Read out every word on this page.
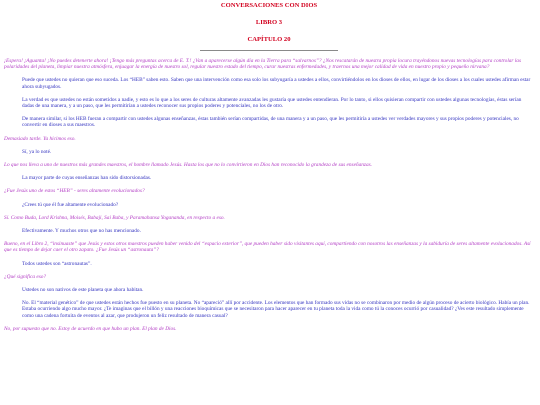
CONVERSACIONES CON DIOS
LIBRO 3
CAPÍTULO 20

¡Espera! ¡Aguanta! ¡No puedes detenerte ahora! ¡Tengo más preguntas acerca de E. T.! ¿Van a aparecerse algún día en la Tierra para “salvarnos”? ¿Nos rescatarán de nuestra propia locura trayéndonos nuevas tecnologías para controlar las polaridades del planeta, limpiar nuestra atmósfera, enjuagar la energía de nuestro sol, regular nuestro estado del tiempo, curar nuestras enfermedades, y traernos una mejor calidad de vida en nuestro propio y pequeño nirvana?

Puede que ustedes no quieran que eso suceda. Los “HEB” saben esto. Saben que una intervención como esa solo los subyugaría a ustedes a ellos, convirtiéndolos en los dioses de ellos, en lugar de los dioses a los cuales ustedes afirman estar ahora subyugados.

La verdad es que ustedes no están sometidos a nadie, y esto es lo que a los seres de culturas altamente avanzadas les gustaría que ustedes entendieran. Por lo tanto, si ellos quisieran compartir con ustedes algunas tecnologías, éstas serían dadas de una manera, y a un paso, que les permitirían a ustedes reconocer sus propios poderes y potenciales, no los de otro.

De manera similar, si los HEB fueran a compartir con ustedes algunas enseñanzas, éstas también serían compartidas, de una manera y a un paso, que les permitiría a ustedes ver verdades mayores y sus propios poderes y potenciales, no convertir en dioses a sus maestros.

Demasiado tarde. Ya hicimos eso.

Sí, ya lo noté.

Lo que nos lleva a uno de nuestros más grandes maestros, el hombre llamado Jesús. Hasta los que no lo convirtieron en Dios han reconocido la grandeza de sus enseñanzas.

La mayor parte de cuyas enseñanzas han sido distorsionadas.

¿Fue Jesús uno de estos “HEB” - seres altamente evolucionados?

¿Crees tú que él fue altamente evolucionado?

Sí. Como Buda, Lord Krishna, Moisés, Babaji, Sai Baba, y Paramahansa Yogananda, en respecto a eso.

Efectivamente. Y muchos otros que no has mencionado.

Bueno, en el Libro 2, “insinuaste” que Jesús y estos otros maestros pueden haber venido del “espacio exterior”, que pueden haber sido visitantes aquí, compartiendo con nosotros las enseñanzas y la sabiduría de seres altamente evolucionados. Así que es tiempo de dejar caer el otro zapato. ¿Fue Jesús un “astronauta”?

Todos ustedes son “astronautas”.

¿Qué significa eso?

Ustedes no son nativos de este planeta que ahora habitan.

No. El “material genético” de que ustedes están hechos fue puesto en su planeta. No “apareció” allí por accidente. Los elementos que han formado sus vidas no se combinaron por medio de algún proceso de acierto biológico. Había un plan. Estaba ocurriendo algo mucho mayor. ¿Te imaginas que el billón y una reacciones bioquímicas que se necesitaron para hacer aparecer en tu planeta toda la vida como tú la conoces ocurrió por casualidad? ¿Ves este resultado simplemente como una cadena fortuita de eventos al azar, que produjeron un feliz resultado de manera casual?

No, por supuesto que no. Estoy de acuerdo en que hubo un plan. El plan de Dios.
